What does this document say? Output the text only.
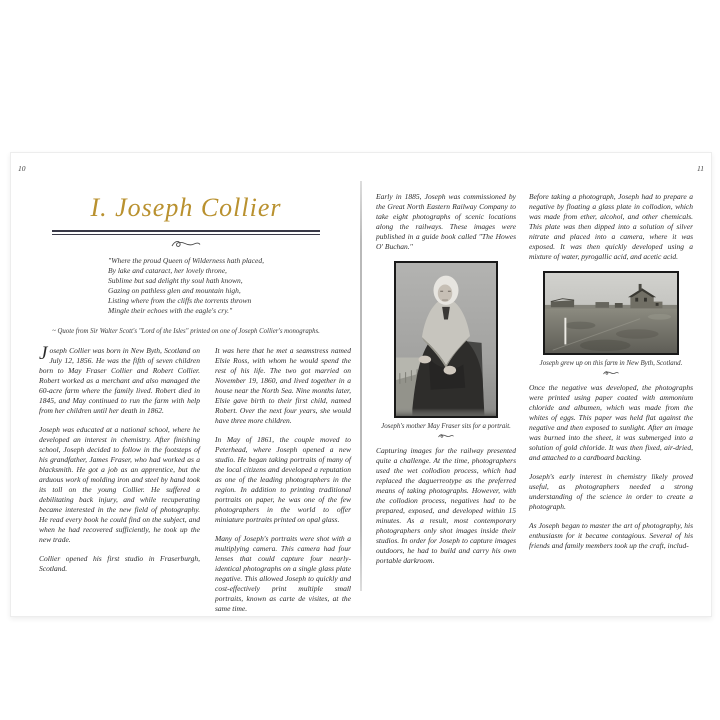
10
I. Joseph Collier
"Where the proud Queen of Wilderness hath placed,
By lake and cataract, her lovely throne,
Sublime but sad delight thy soul hath known,
Gazing on pathless glen and mountain high,
Listing where from the cliffs the torrents thrown
Mingle their echoes with the eagle's cry."
~ Quote from Sir Walter Scott's "Lord of the Isles" printed on one of Joseph Collier's monographs.

Joseph Collier was born in New Byth, Scotland on July 12, 1856. He was the fifth of seven children born to May Fraser Collier and Robert Collier. Robert worked as a merchant and also managed the 60-acre farm where the family lived. Robert died in 1845, and May continued to run the farm with help from her children until her death in 1862.

Joseph was educated at a national school, where he developed an interest in chemistry. After finishing school, Joseph decided to follow in the footsteps of his grandfather, James Fraser, who had worked as a blacksmith. He got a job as an apprentice, but the arduous work of molding iron and steel by hand took its toll on the young Collier. He suffered a debilitating back injury, and while recuperating became interested in the new field of photography. He read every book he could find on the subject, and when he had recovered sufficiently, he took up the new trade.

Collier opened his first studio in Fraserburgh, Scotland.

It was here that he met a seamstress named Elsie Ross, with whom he would spend the rest of his life. The two got married on November 19, 1860, and lived together in a house near the North Sea. Nine months later, Elsie gave birth to their first child, named Robert. Over the next four years, she would have three more children.

In May of 1861, the couple moved to Peterhead, where Joseph opened a new studio. He began taking portraits of many of the local citizens and developed a reputation as one of the leading photographers in the region. In addition to printing traditional portraits on paper, he was one of the few photographers in the world to offer miniature portraits printed on opal glass.

Many of Joseph's portraits were shot with a multiplying camera. This camera had four lenses that could capture four nearly-identical photographs on a single glass plate negative. This allowed Joseph to quickly and cost-effectively print multiple small portraits, known as carte de visites, at the same time.

11

Early in 1885, Joseph was commissioned by the Great North Eastern Railway Company to take eight photographs of scenic locations along the railways. These images were published in a guide book called "The Howes O' Buchan."

Joseph's mother May Fraser sits for a portrait.

Capturing images for the railway presented quite a challenge. At the time, photographers used the wet collodion process, which had replaced the daguerreotype as the preferred means of taking photographs. However, with the collodion process, negatives had to be prepared, exposed, and developed within 15 minutes. As a result, most contemporary photographers only shot images inside their studios. In order for Joseph to capture images outdoors, he had to build and carry his own portable darkroom.

Before taking a photograph, Joseph had to prepare a negative by floating a glass plate in collodion, which was made from ether, alcohol, and other chemicals. This plate was then dipped into a solution of silver nitrate and placed into a camera, where it was exposed. It was then quickly developed using a mixture of water, pyrogallic acid, and acetic acid.

Joseph grew up on this farm in New Byth, Scotland.

Once the negative was developed, the photographs were printed using paper coated with ammonium chloride and albumen, which was made from the whites of eggs. This paper was held flat against the negative and then exposed to sunlight. After an image was burned into the sheet, it was submerged into a solution of gold chloride. It was then fixed, air-dried, and attached to a cardboard backing.

Joseph's early interest in chemistry likely proved useful, as photographers needed a strong understanding of the science in order to create a photograph.

As Joseph began to master the art of photography, his enthusiasm for it became contagious. Several of his friends and family members took up the craft, includ-
